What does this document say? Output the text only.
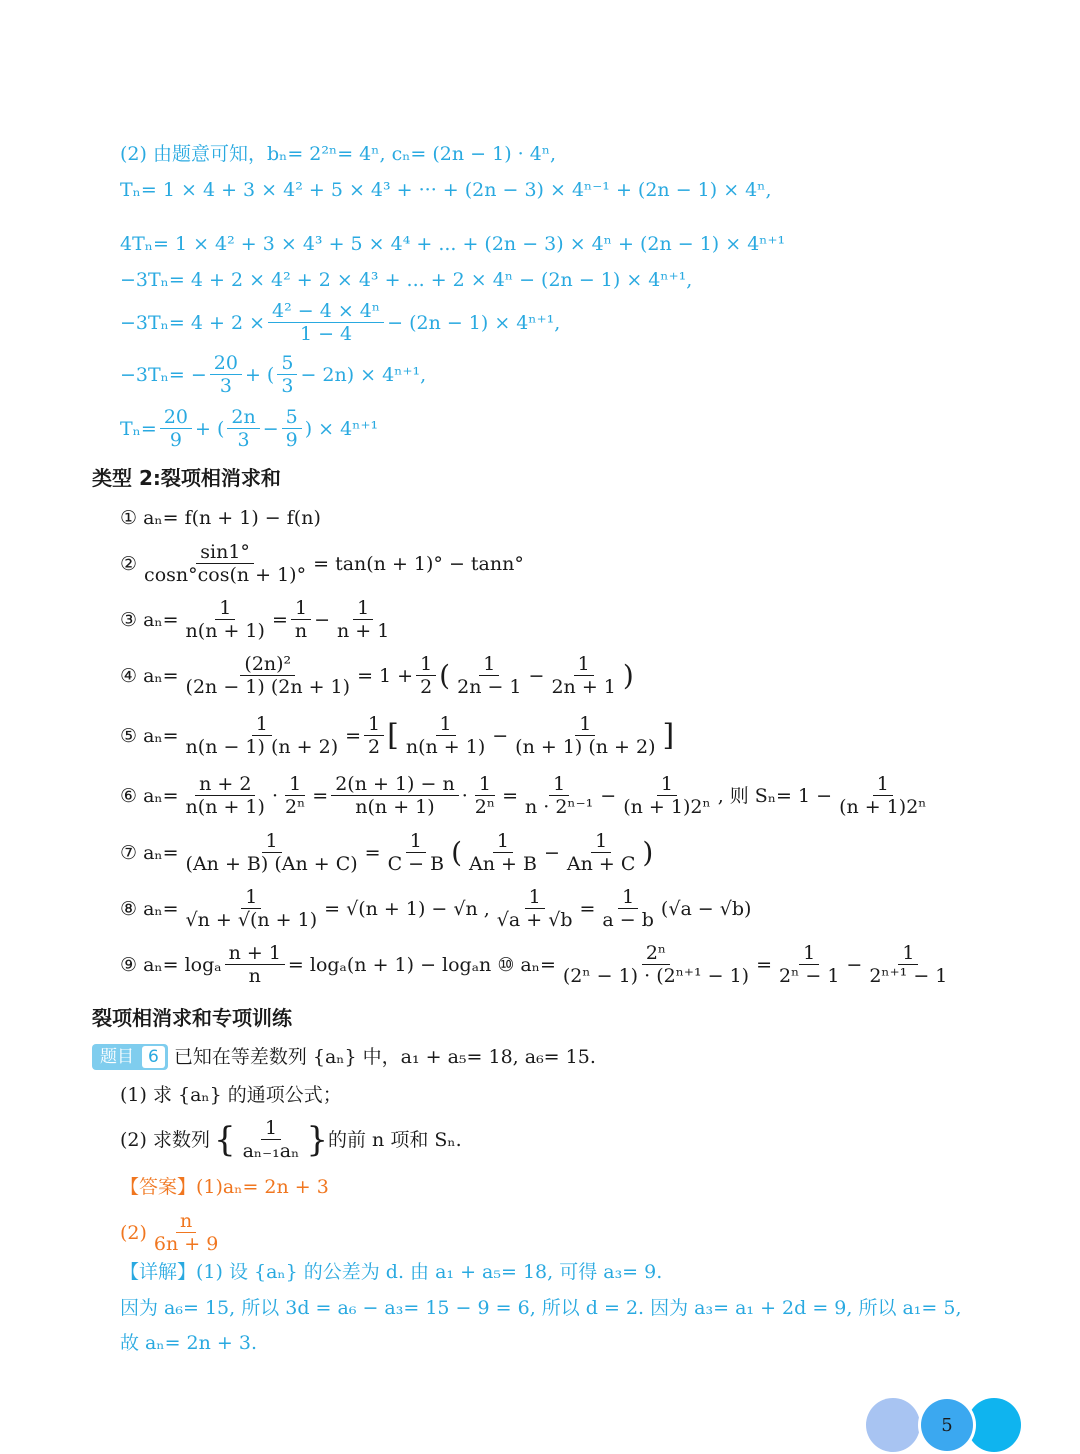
(2) 由题意可知，bₙ= 2²ⁿ= 4ⁿ, cₙ= (2n − 1) · 4ⁿ,
Tₙ= 1 × 4 + 3 × 4² + 5 × 4³ + ··· + (2n − 3) × 4ⁿ⁻¹ + (2n − 1) × 4ⁿ,
4Tₙ= 1 × 4² + 3 × 4³ + 5 × 4⁴ + ... + (2n − 3) × 4ⁿ + (2n − 1) × 4ⁿ⁺¹
−3Tₙ= 4 + 2 × 4² + 2 × 4³ + ... + 2 × 4ⁿ − (2n − 1) × 4ⁿ⁺¹,
$-3T_n= 4 + 2 \times \frac{\text{4² − 4 × 4ⁿ}}{1 - 4} - (2n - 1) \times 4^{n+1}$,
$-3T_n= - \frac{20}{3}$ + ( $\frac{5}{3} - 2n) \times 4^{n+1}$,
$T_n= \frac{20}{9}$ + ( $\frac{2n}{3} - \frac{5}{9}$ ) × 4ⁿ⁺¹
类型 2:裂项相消求和
① aₙ= f(n + 1) − f(n)
② $\frac{\sin 1^\circ}{\cos n^\circ\cos(n + 1)^\circ} = \tan(n + 1)^\circ - \tan n^\circ$
③ $a_n= \frac{1}{n(n + 1)} = \frac{1}{n} - \frac{1}{n + 1}$
④ $a_n= \frac{\text{(2n)²}}{(2n - 1) (2n + 1)} = 1 + \frac{1}{2}$ ( $\frac{1}{2n - 1} - \frac{1}{2n + 1}$ )
⑤ $a_n= \frac{1}{n(n - 1) (n + 2)} = \frac{1}{2}$ [ $\frac{1}{n(n + 1)} - \frac{1}{(n + 1) (n + 2)}$ ]
⑥ $a_n= \frac{n + 2}{n(n + 1)} \cdot \frac{1}{\text{2ⁿ}} = \frac{2(n + 1) - n}{n(n + 1)} \cdot \frac{1}{\text{2ⁿ}} = \frac{1}{\text{n · 2ⁿ⁻¹}} - \frac{1}{\text{(n + 1)2ⁿ}}$ , 则 $S_n= 1 - \frac{1}{\text{(n + 1)2ⁿ}}$
⑦ $a_n= \frac{1}{(An + B) (An + C)} = \frac{1}{C - B}$ ( $\frac{1}{An + B} - \frac{1}{An + C}$ )
⑧ $a_n= \frac{1}{√n + √(n + 1)} = √(n + 1) - √n$ , $\frac{1}{√a + √b} = \frac{1}{a - b} (√a - √b)$
⑨ aₙ= logₐ $\frac{n + 1}{n} = \log_a(n + 1) - \log_an$ ⑩ $a_n= \frac{\text{2ⁿ}}{\text{(2ⁿ − 1) · (2ⁿ⁺¹ − 1)}} = \frac{1}{\text{2ⁿ − 1}} - \frac{1}{\text{2ⁿ⁺¹ − 1}}$
裂项相消求和专项训练
题目 6 已知在等差数列 {aₙ} 中，a₁ + a₅= 18, a₆= 15.
(1) 求 {aₙ} 的通项公式；
(2) 求数列 { $\frac{1}{\text{aₙ₋₁aₙ}}$ } 的前 n 项和 Sₙ.
【答案】(1)aₙ= 2n + 3
$(2) \frac{n}{6n + 9}$
【详解】(1) 设 {aₙ} 的公差为 d. 由 a₁ + a₅= 18, 可得 a₃= 9.
因为 a₆= 15, 所以 3d = a₆ − a₃= 15 − 9 = 6, 所以 d = 2. 因为 a₃= a₁ + 2d = 9, 所以 a₁= 5,
故 aₙ= 2n + 3.
5
